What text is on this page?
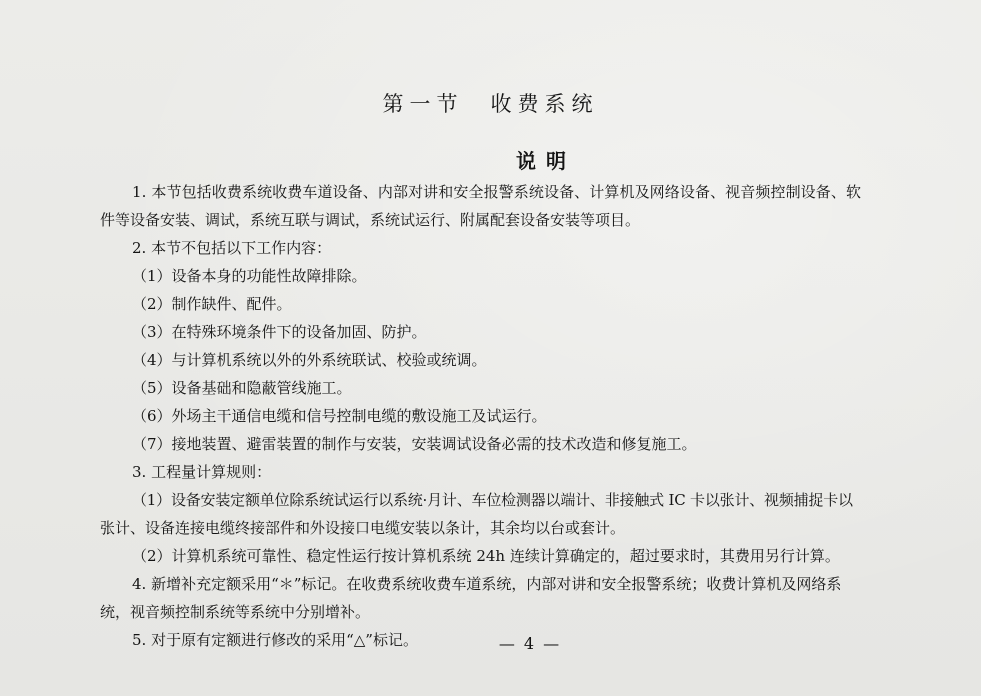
第一节　收费系统
说明
1. 本节包括收费系统收费车道设备、内部对讲和安全报警系统设备、计算机及网络设备、视音频控制设备、软
件等设备安装、调试，系统互联与调试，系统试运行、附属配套设备安装等项目。
2. 本节不包括以下工作内容：
（1）设备本身的功能性故障排除。
（2）制作缺件、配件。
（3）在特殊环境条件下的设备加固、防护。
（4）与计算机系统以外的外系统联试、校验或统调。
（5）设备基础和隐蔽管线施工。
（6）外场主干通信电缆和信号控制电缆的敷设施工及试运行。
（7）接地装置、避雷装置的制作与安装，安装调试设备必需的技术改造和修复施工。
3. 工程量计算规则：
（1）设备安装定额单位除系统试运行以系统·月计、车位检测器以端计、非接触式 IC 卡以张计、视频捕捉卡以
张计、设备连接电缆终接部件和外设接口电缆安装以条计，其余均以台或套计。
（2）计算机系统可靠性、稳定性运行按计算机系统 24h 连续计算确定的，超过要求时，其费用另行计算。
4. 新增补充定额采用“＊”标记。在收费系统收费车道系统，内部对讲和安全报警系统；收费计算机及网络系
统，视音频控制系统等系统中分别增补。
5. 对于原有定额进行修改的采用“△”标记。	— 4 —
